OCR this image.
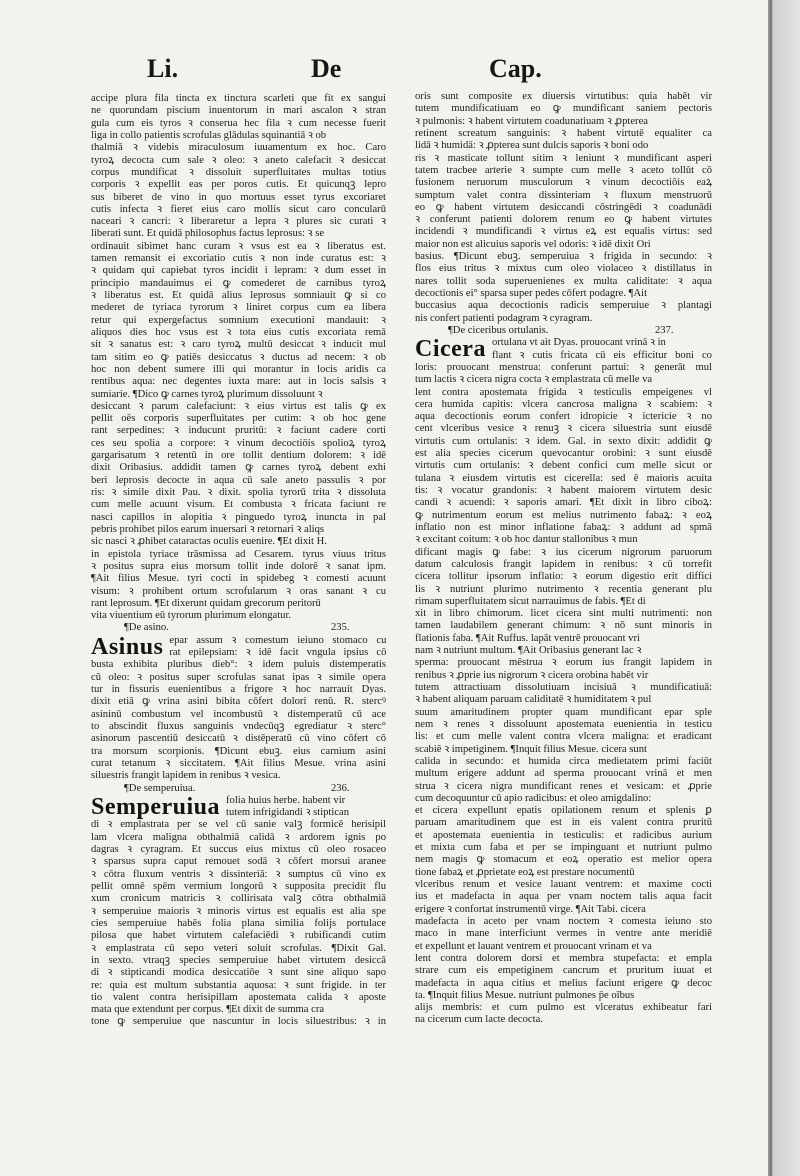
Li.	De	Cap.
accipe plura fila tincta ex tinctura scarleti que fit ex sangui
ne quorundam piscium inuentorum in mari ascalon ꝛ stran
gula cum eis tyros ꝛ conserua hec fila ꝛ cum necesse fuerit
liga in collo patientis scrofulas glādulas squinantiā ꝛ ob
thalmiā ꝛ videbis miraculosum iuuamentum ex hoc. Caro
tyroꝝ decocta cum sale ꝛ oleo: ꝛ aneto calefacit ꝛ desiccat
corpus mundificat ꝛ dissoluit superfluitates multas totius
corporis ꝛ expellit eas per poros cutis. Et quicunqꝫ lepro
sus biberet de vino in quo mortuus esset tyrus excoriaret
cutis infecta ꝛ fieret eius caro mollis sicut caro concularū
naceari ꝛ cancri: ꝛ liberaretur a lepra ꝛ plures sic curati ꝛ
liberati sunt. Et quidā philosophus factus leprosus: ꝛ se
ordinauit sibimet hanc curam ꝛ vsus est ea ꝛ liberatus est.
tamen remansit ei excoriatio cutis ꝛ non inde curatus est: ꝛ
ꝛ quidam qui capiebat tyros incidit i lepram: ꝛ dum esset in
principio mandauimus ei ꝙ comederet de carnibus tyroꝝ
ꝛ liberatus est. Et quidā alius leprosus somniauit ꝙ si co
mederet de tyriaca tyrorum ꝛ liniret corpus cum ea libera
retur qui expergefactus somnium executioni mandauit: ꝛ
aliquos dies hoc vsus est ꝛ tota eius cutis excoriata remā
sit ꝛ sanatus est: ꝛ caro tyroꝝ multū desiccat ꝛ inducit mul
tam sitim eo ꝙ patiēs desiccatus ꝛ ductus ad necem: ꝛ ob
hoc non debent sumere illi qui morantur in locis aridis ca
rentibus aqua: nec degentes iuxta mare: aut in locis salsis ꝛ
sumiarie. ¶Dico ꝙ carnes tyroꝝ plurimum dissoluunt ꝛ
desiccant ꝛ parum calefaciunt: ꝛ eius virtus est talis ꝙ ex
pellit oēs corporis superfluitates per cutim: ꝛ ob hoc gene
rant serpedines: ꝛ inducunt pruritū: ꝛ faciunt cadere corti
ces seu spolia a corpore: ꝛ vinum decoctiōis spolioꝝ tyroꝝ
gargarisatum ꝛ retentū in ore tollit dentium dolorem: ꝛ idē
dixit Oribasius. addidit tamen ꝙ carnes tyroꝝ debent exhi
beri leprosis decocte in aqua cū sale aneto passulis ꝛ por
ris: ꝛ simile dixit Pau. ꝛ dixit. spolia tyrorū trita ꝛ dissoluta
cum melle acuunt visum. Et combusta ꝛ fricata faciunt re
nasci capillos in alopitia ꝛ pinguedo tyroꝝ inuncta in pal
pebris prohibet pilos earum inuersari ꝛ retornari ꝛ aliqs
sic nasci ꝛ ꝓhibet cataractas oculis euenire. ¶Et dixit H.
in epistola tyriace trāsmissa ad Cesarem. tyrus viuus tritus
ꝛ positus supra eius morsum tollit inde dolorē ꝛ sanat ipm.
¶Ait filius Mesue. tyri cocti in spidebeg ꝛ comesti acuunt
visum: ꝛ prohibent ortum scrofularum ꝛ oras sanant ꝛ cu
rant leprosum. ¶Et dixerunt quidam grecorum peritorū
vita viuentium eū tyrorum plurimum elongatur.
¶De asino.	235.
Asinus epar assum ꝛ comestum ieiuno stomaco cu
rat epilepsiam: ꝛ idē facit vngula ipsius cō
busta exhibita pluribus dieb°: ꝛ idem puluis distemperatis
cū oleo: ꝛ positus super scrofulas sanat ipas ꝛ simile opera
tur in fissuris euenientibus a frigore ꝛ hoc narrauit Dyas.
dixit etiā ꝙ vrina asini bibita cōfert dolori renū. R. stercꝰ
asininū combustum vel incombustū ꝛ distemperatū cū ace
to abscindit fluxus sanguinis vndecūqꝫ egrediatur ꝛ sterc°
asinorum pascentiū desiccatū ꝛ distēperatū cū vino cōfert cō
tra morsum scorpionis. ¶Dicunt ebuꝫ. eius carnium asini
curat tetanum ꝛ siccitatem. ¶Ait filius Mesue. vrina asini
siluestris frangit lapidem in renibus ꝛ vesica.
¶De semperuiua.	236.
Semperuiua folia huius herbe. habent vir
tutem infrigidandi ꝛ stiptican
di ꝛ emplastrata per se vel cū sanie valꝫ formicē herisipil
lam vlcera maligna obthalmiā calidā ꝛ ardorem ignis po
dagras ꝛ cyragram. Et succus eius mixtus cū oleo rosaceo
ꝛ sparsus supra caput remouet sodā ꝛ cōfert morsui aranee
ꝛ cōtra fluxum ventris ꝛ dissinteriā: ꝛ sumptus cū vino ex
pellit omnē spēm vermium longorū ꝛ supposita precidit flu
xum cronicum matricis ꝛ collirisata valꝫ cōtra obthalmiā
ꝛ semperuiue maioris ꝛ minoris virtus est equalis est alia spe
cies semperuiue habēs folia plana similia folijs portulace
pilosa que habet virtutem calefaciēdi ꝛ rubificandi cutim
ꝛ emplastrata cū sepo veteri soluit scrofulas. ¶Dixit Gal.
in sexto. vtraqꝫ species semperuiue habet virtutem desiccā
di ꝛ stipticandi modica desiccatiōe ꝛ sunt sine aliquo sapo
re: quia est multum substantia aquosa: ꝛ sunt frigide. in ter
tio valent contra herisipillam apostemata calida ꝛ aposte
mata que extendunt per corpus. ¶Et dixit de summa cra
tone ꝙ semperuiue que nascuntur in locis siluestribus: ꝛ in
oris sunt composite ex diuersis virtutibus: quia habēt vir
tutem mundificatiuam eo ꝙ mundificant saniem pectoris
ꝛ pulmonis: ꝛ habent virtutem coadunatiuam ꝛ ꝓpterea
retinent screatum sanguinis: ꝛ habent virtutē equaliter ca
lidā ꝛ humidā: ꝛ ꝓpterea sunt dulcis saporis ꝛ boni odo
ris ꝛ masticate tollunt sitim ꝛ leniunt ꝛ mundificant asperi
tatem tracbee arterie ꝛ sumpte cum melle ꝛ aceto tollūt cō
fusionem neruorum musculorum ꝛ vinum decoctiōis eaꝝ
sumptum valet contra dissinteriam ꝛ fluxum menstruorū
eo ꝙ habent virtutem desiccandi cōstringēdi ꝛ coadunādi
ꝛ conferunt patienti dolorem renum eo ꝙ habent virtutes
incidendi ꝛ mundificandi ꝛ virtus eꝝ est equalis virtus: sed
maior non est alicuius saporis vel odoris: ꝛ idē dixit Ori
basius. ¶Dicunt ebuꝫ. semperuiua ꝛ frigida in secundo: ꝛ
flos eius tritus ꝛ mixtus cum oleo violaceo ꝛ distillatus in
nares tollit soda superuenienes ex multa caliditate: ꝛ aqua
decoctionis ei° sparsa super pedes cōfert podagre. ¶Ait
buccasius aqua decoctionis radicis semperuiue ꝛ plantagi
nis confert patienti podagram ꝛ cyragram.
¶De ciceribus ortulanis.	237.
Cicera ortulana vt ait Dyas. prouocant vrinā ꝛ in
flant ꝛ cutis fricata cū eis efficitur boni co
loris: prouocant menstrua: conferunt partui: ꝛ generāt mul
tum lactis ꝛ cicera nigra cocta ꝛ emplastrata cū melle va
lent contra apostemata frigida ꝛ testiculis empeigenes vl
cera humida capitis: vlcera cancrosa maligna ꝛ scabiem: ꝛ
aqua decoctionis eorum confert idropicie ꝛ ictericie ꝛ no
cent vlceribus vesice ꝛ renuꝫ ꝛ cicera siluestria sunt eiusdē
virtutis cum ortulanis: ꝛ idem. Gal. in sexto dixit: addidit ꝙ
est alia species cicerum quevocantur orobini: ꝛ sunt eiusdē
virtutis cum ortulanis: ꝛ debent confici cum melle sicut or
tulana ꝛ eiusdem virtutis est cicerella: sed ē maioris acuita
tis: ꝛ vocatur grandonis: ꝛ habent maiorem virtutem desic
candi ꝛ acuendi: ꝛ saporis amari. ¶Et dixit in libro ciboꝝ:
ꝙ nutrimentum eorum est melius nutrimento fabaꝝ: ꝛ eoꝝ
inflatio non est minor inflatione fabaꝝ: ꝛ addunt ad spmā
ꝛ excitant coitum: ꝛ ob hoc dantur stallonibus ꝛ mun
dificant magis ꝙ fabe: ꝛ ius cicerum nigrorum paruorum
datum calculosis frangit lapidem in renibus: ꝛ cū torrefit
cicera tollitur ipsorum inflatio: ꝛ eorum digestio erit diffici
lis ꝛ nutriunt plurimo nutrimento ꝛ recentia generant plu
rimam superfluitatem sicut narrauimus de fabis. ¶Et di
xit in libro chimorum. licet cicera sint multi nutrimenti: non
tamen laudabilem generant chimum: ꝛ nō sunt minoris in
flationis faba. ¶Ait Ruffus. lapāt ventrē prouocant vri
nam ꝛ nutriunt multum. ¶Ait Oribasius generant lac ꝛ
sperma: prouocant mēstrua ꝛ eorum ius frangit lapidem in
renibus ꝛ ꝓprie ius nigrorum ꝛ cicera orobina habēt vir
tutem attractiuam dissolutiuam incisiuā ꝛ mundificatiuā:
ꝛ habent aliquam paruam caliditatē ꝛ humiditatem ꝛ pul
suum amaritudinem propter quam mundificant epar sple
nem ꝛ renes ꝛ dissoluunt apostemata euenientia in testicu
lis: et cum melle valent contra vlcera maligna: et eradicant
scabiē ꝛ impetiginem. ¶Inquit filius Mesue. cicera sunt
calida in secundo: et humida circa medietatem primi faciūt
multum erigere addunt ad sperma prouocant vrinā et men
strua ꝛ cicera nigra mundificant renes et vesicam: et ꝓprie
cum decoquuntur cū apio radicibus: et oleo amigdalino:
et cicera expellunt epatis opilationem renum et splenis ꝑ
paruam amaritudinem que est in eis valent contra pruritū
et apostemata euenientia in testiculis: et radicibus aurium
et mixta cum faba et per se impinguant et nutriunt pulmo
nem magis ꝙ stomacum et eoꝝ operatio est melior opera
tione fabaꝝ et ꝓprietate eoꝝ est prestare nocumentū
vlceribus renum et vesice lauant ventrem: et maxime cocti
ius et madefacta in aqua per vnam noctem talis aqua facit
erigere ꝛ confortat instrumentū virge. ¶Ait Tabi. cicera
madefacta in aceto per vnam noctem ꝛ comesta ieiuno sto
maco in mane interficiunt vermes in ventre ante meridiē
et expellunt et lauant ventrem et prouocant vrinam et va
lent contra dolorem dorsi et membra stupefacta: et empla
strare cum eis empetiginem cancrum et pruritum iuuat et
madefacta in aqua citius et melius faciunt erigere ꝙ decoc
ta. ¶Inquit filius Mesue. nutriunt pulmones p̄e oībus
alijs membris: et cum pulmo est vlceratus exhibeatur fari
na cicerum cum lacte decocta.
